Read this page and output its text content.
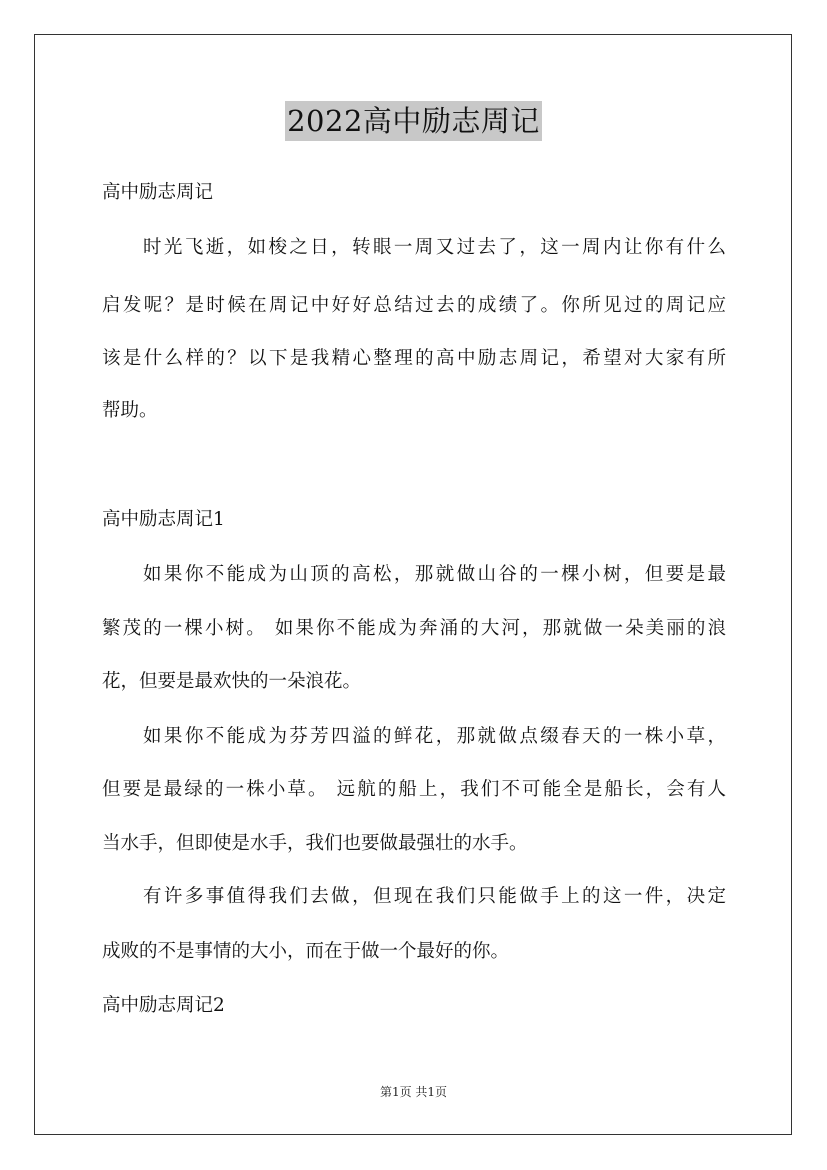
2022高中励志周记
高中励志周记
时光飞逝，如梭之日，转眼一周又过去了，这一周内让你有什么
启发呢？是时候在周记中好好总结过去的成绩了。你所见过的周记应
该是什么样的？以下是我精心整理的高中励志周记，希望对大家有所
帮助。
高中励志周记1
如果你不能成为山顶的高松，那就做山谷的一棵小树，但要是最
繁茂的一棵小树。 如果你不能成为奔涌的大河，那就做一朵美丽的浪
花，但要是最欢快的一朵浪花。
如果你不能成为芬芳四溢的鲜花，那就做点缀春天的一株小草，
但要是最绿的一株小草。 远航的船上，我们不可能全是船长，会有人
当水手，但即使是水手，我们也要做最强壮的水手。
有许多事值得我们去做，但现在我们只能做手上的这一件，决定
成败的不是事情的大小，而在于做一个最好的你。
高中励志周记2
第1页 共1页
